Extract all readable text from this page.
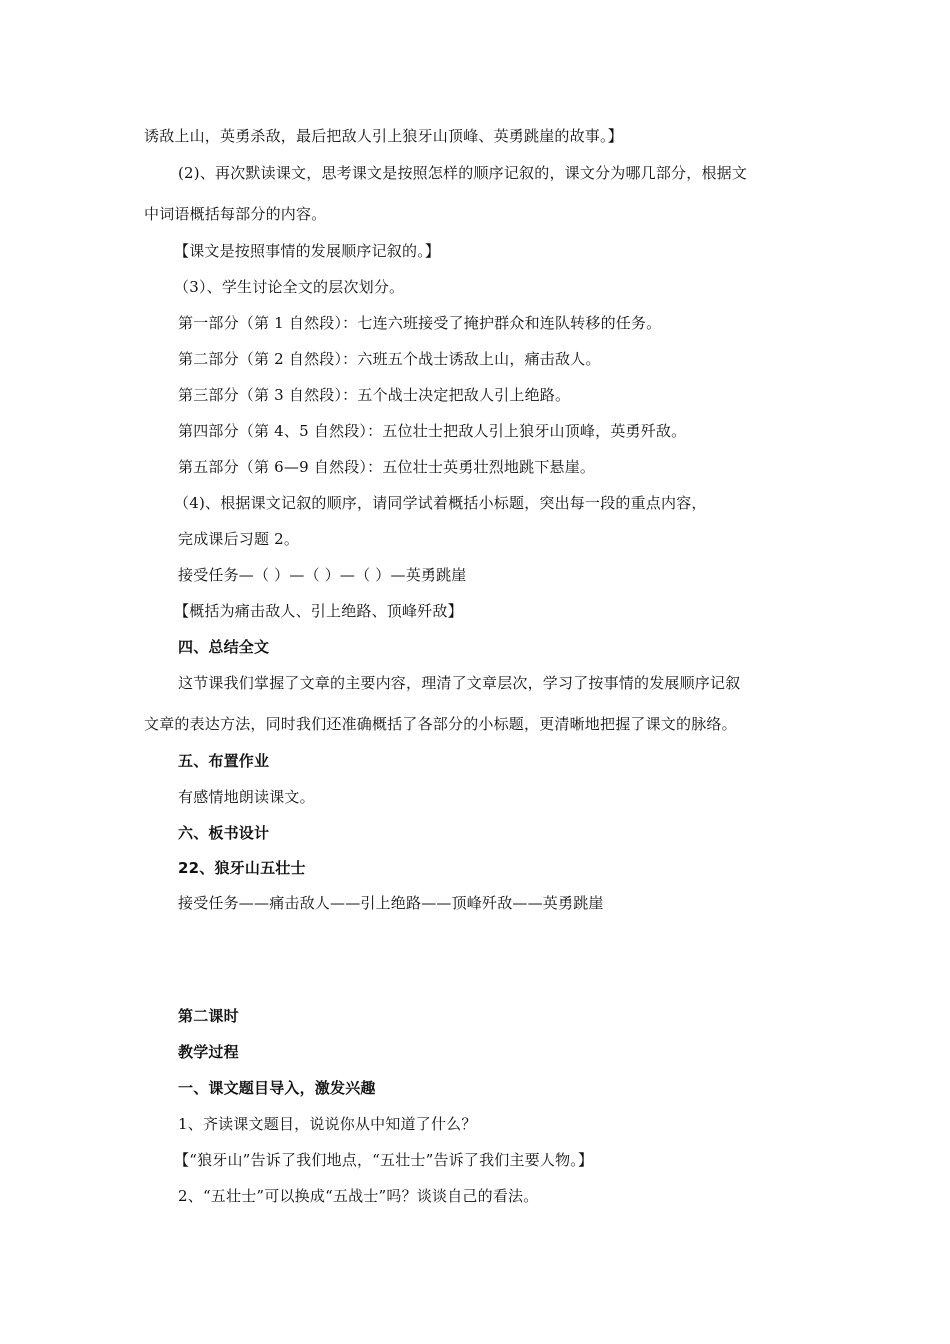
诱敌上山，英勇杀敌，最后把敌人引上狼牙山顶峰、英勇跳崖的故事。】
(2)、再次默读课文，思考课文是按照怎样的顺序记叙的，课文分为哪几部分，根据文
中词语概括每部分的内容。
【课文是按照事情的发展顺序记叙的。】
（3）、学生讨论全文的层次划分。
第一部分（第 1 自然段）：七连六班接受了掩护群众和连队转移的任务。
第二部分（第 2 自然段）：六班五个战士诱敌上山，痛击敌人。
第三部分（第 3 自然段）：五个战士决定把敌人引上绝路。
第四部分（第 4、5 自然段）：五位壮士把敌人引上狼牙山顶峰，英勇歼敌。
第五部分（第 6—9 自然段）：五位壮士英勇壮烈地跳下悬崖。
（4)、根据课文记叙的顺序，请同学试着概括小标题，突出每一段的重点内容，
完成课后习题 2。
接受任务—（ ）—（ ）—（ ）—英勇跳崖
【概括为痛击敌人、引上绝路、顶峰歼敌】
四、总结全文
这节课我们掌握了文章的主要内容，理清了文章层次，学习了按事情的发展顺序记叙
文章的表达方法，同时我们还准确概括了各部分的小标题，更清晰地把握了课文的脉络。
五、布置作业
有感情地朗读课文。
六、板书设计
22、狼牙山五壮士
接受任务——痛击敌人——引上绝路——顶峰歼敌——英勇跳崖
第二课时
教学过程
一、课文题目导入，激发兴趣
1、齐读课文题目，说说你从中知道了什么？
【“狼牙山”告诉了我们地点，“五壮士”告诉了我们主要人物。】
2、“五壮士”可以换成“五战士”吗？谈谈自己的看法。
